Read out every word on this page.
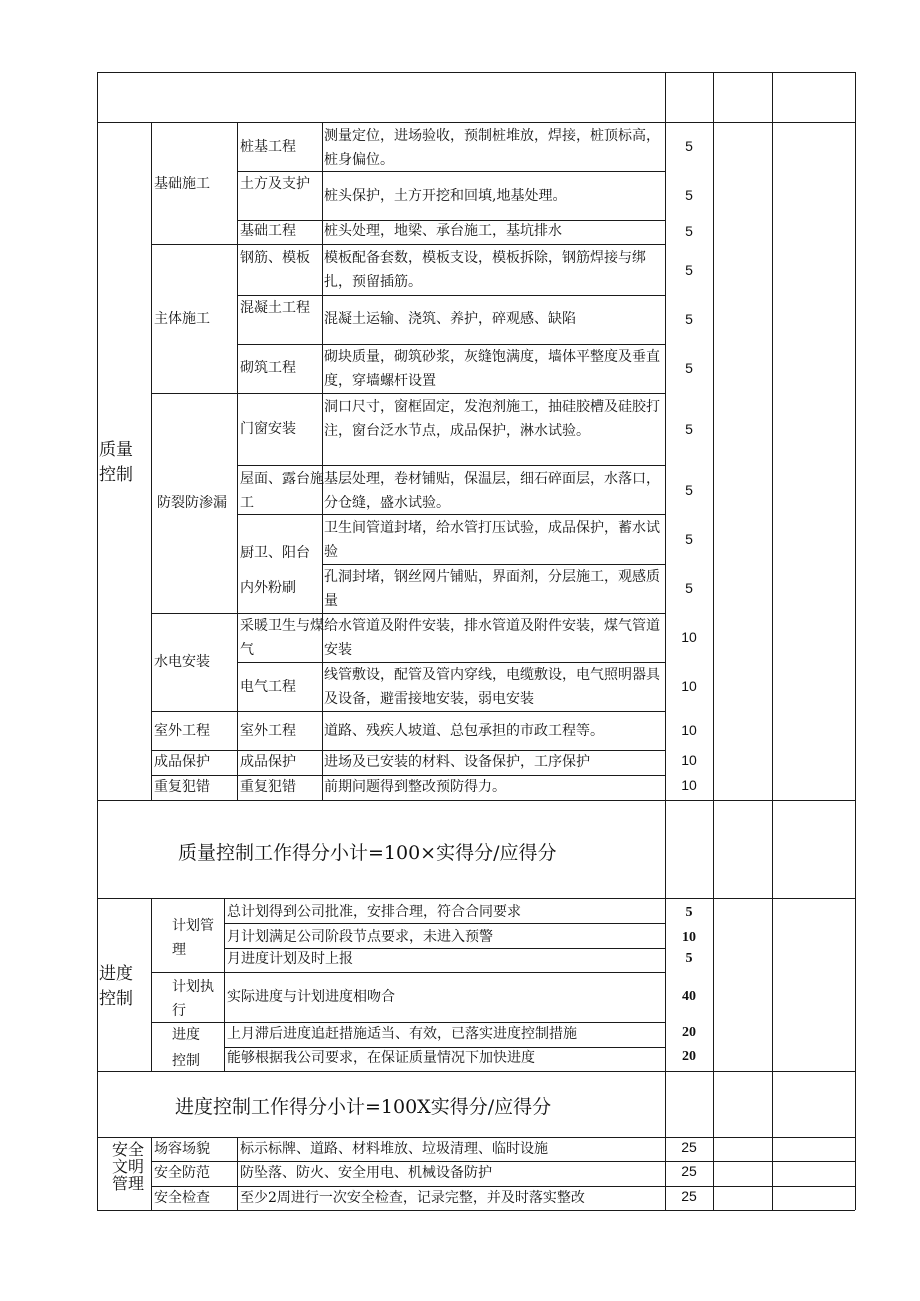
质量
控制
基础施工
主体施工
防裂防渗漏
水电安装
室外工程
成品保护
重复犯错
桩基工程
土方及支护
基础工程
钢筋、模板
混凝土工程
砌筑工程
门窗安装
屋面、露台施工
厨卫、阳台
内外粉刷
采暖卫生与煤气
电气工程
室外工程
成品保护
重复犯错
测量定位，进场验收，预制桩堆放，焊接，桩顶标高，桩身偏位。
桩头保护，土方开挖和回填,地基处理。
桩头处理，地梁、承台施工，基坑排水
模板配备套数，模板支设，模板拆除，钢筋焊接与绑扎，预留插筋。
混凝土运输、浇筑、养护，碎观感、缺陷
砌块质量，砌筑砂浆，灰缝饱满度，墙体平整度及垂直度，穿墙螺杆设置
洞口尺寸，窗框固定，发泡剂施工，抽硅胶槽及硅胶打注，窗台泛水节点，成品保护，淋水试验。
基层处理，卷材铺贴，保温层，细石碎面层，水落口，分仓缝，盛水试验。
卫生间管道封堵，给水管打压试验，成品保护，蓄水试验
孔洞封堵，钢丝网片铺贴，界面剂，分层施工，观感质量
给水管道及附件安装，排水管道及附件安装，煤气管道安装
线管敷设，配管及管内穿线，电缆敷设，电气照明器具及设备，避雷接地安装，弱电安装
道路、残疾人坡道、总包承担的市政工程等。
进场及已安装的材料、设备保护，工序保护
前期问题得到整改预防得力。
5
5
5
5
5
5
5
5
5
5
10
10
10
10
10
质量控制工作得分小计=100×实得分/应得分
进度
控制
计划管
理
计划执
行
进度
控制
总计划得到公司批准，安排合理，符合合同要求
月计划满足公司阶段节点要求，未进入预警
月进度计划及时上报
实际进度与计划进度相吻合
上月滞后进度追赶措施适当、有效，已落实进度控制措施
能够根据我公司要求，在保证质量情况下加快进度
5
10
5
40
20
20
进度控制工作得分小计=100X实得分/应得分
安全
文明
管理
场容场貌
安全防范
安全检查
标示标牌、道路、材料堆放、垃圾清理、临时设施
防坠落、防火、安全用电、机械设备防护
至少2周进行一次安全检查，记录完整，并及时落实整改
25
25
25
